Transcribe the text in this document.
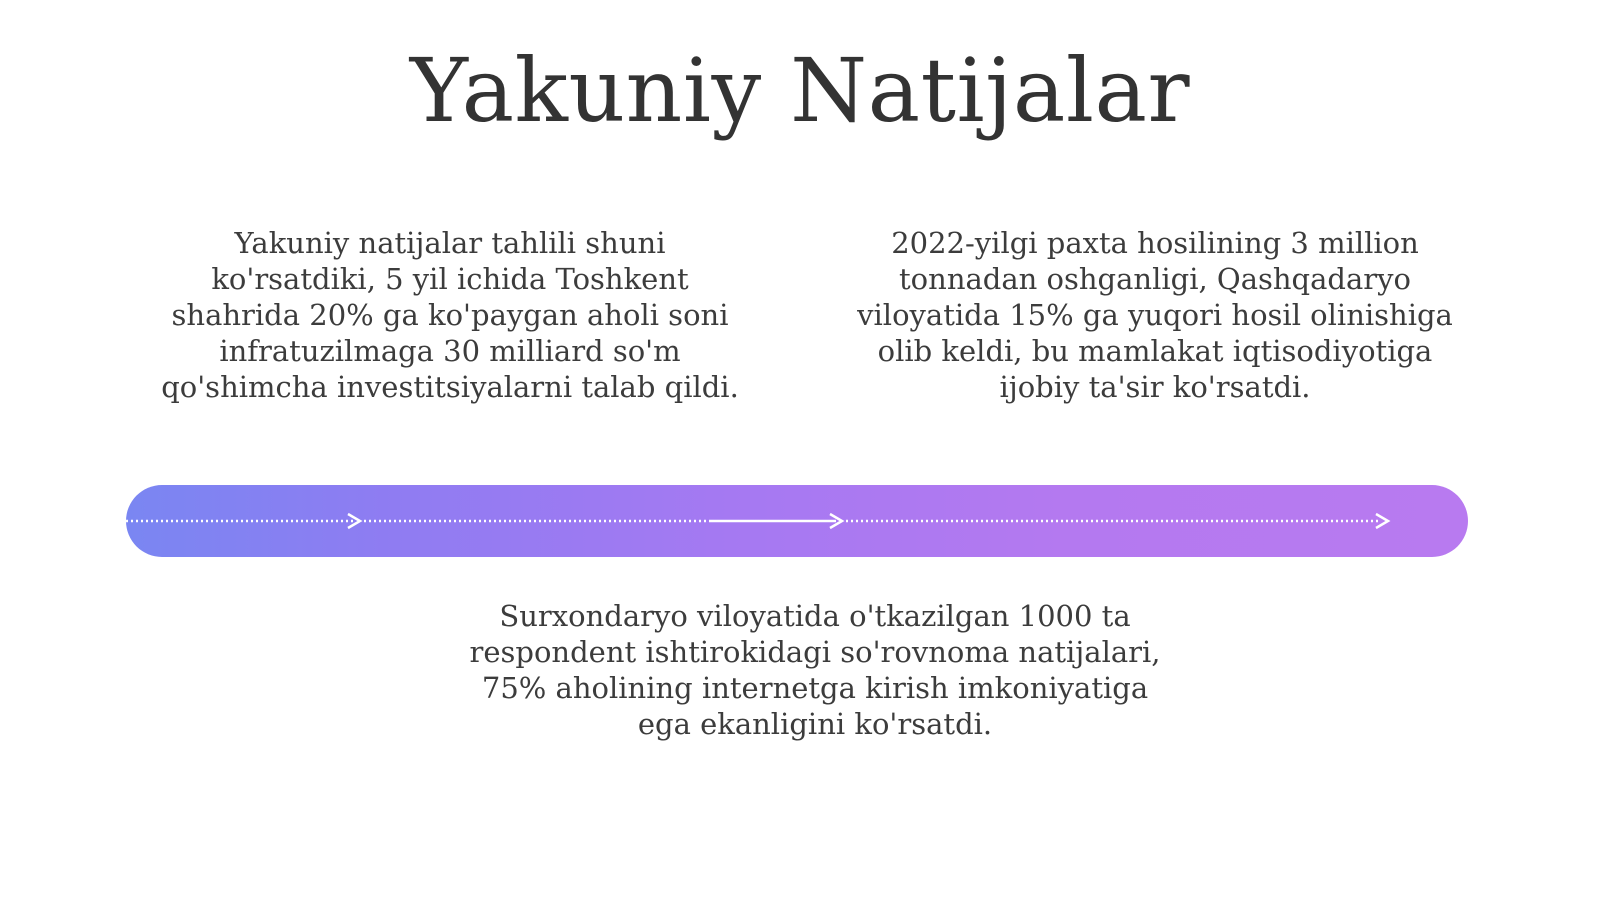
Yakuniy Natijalar
Yakuniy natijalar tahlili shuni ko'rsatdiki, 5 yil ichida Toshkent shahrida 20% ga ko'paygan aholi soni infratuzilmaga 30 milliard so'm qo'shimcha investitsiyalarni talab qildi.
2022-yilgi paxta hosilining 3 million tonnadan oshganligi, Qashqadaryo viloyatida 15% ga yuqori hosil olinishiga olib keldi, bu mamlakat iqtisodiyotiga ijobiy ta'sir ko'rsatdi.
Surxondaryo viloyatida o'tkazilgan 1000 ta respondent ishtirokidagi so'rovnoma natijalari, 75% aholining internetga kirish imkoniyatiga ega ekanligini ko'rsatdi.
